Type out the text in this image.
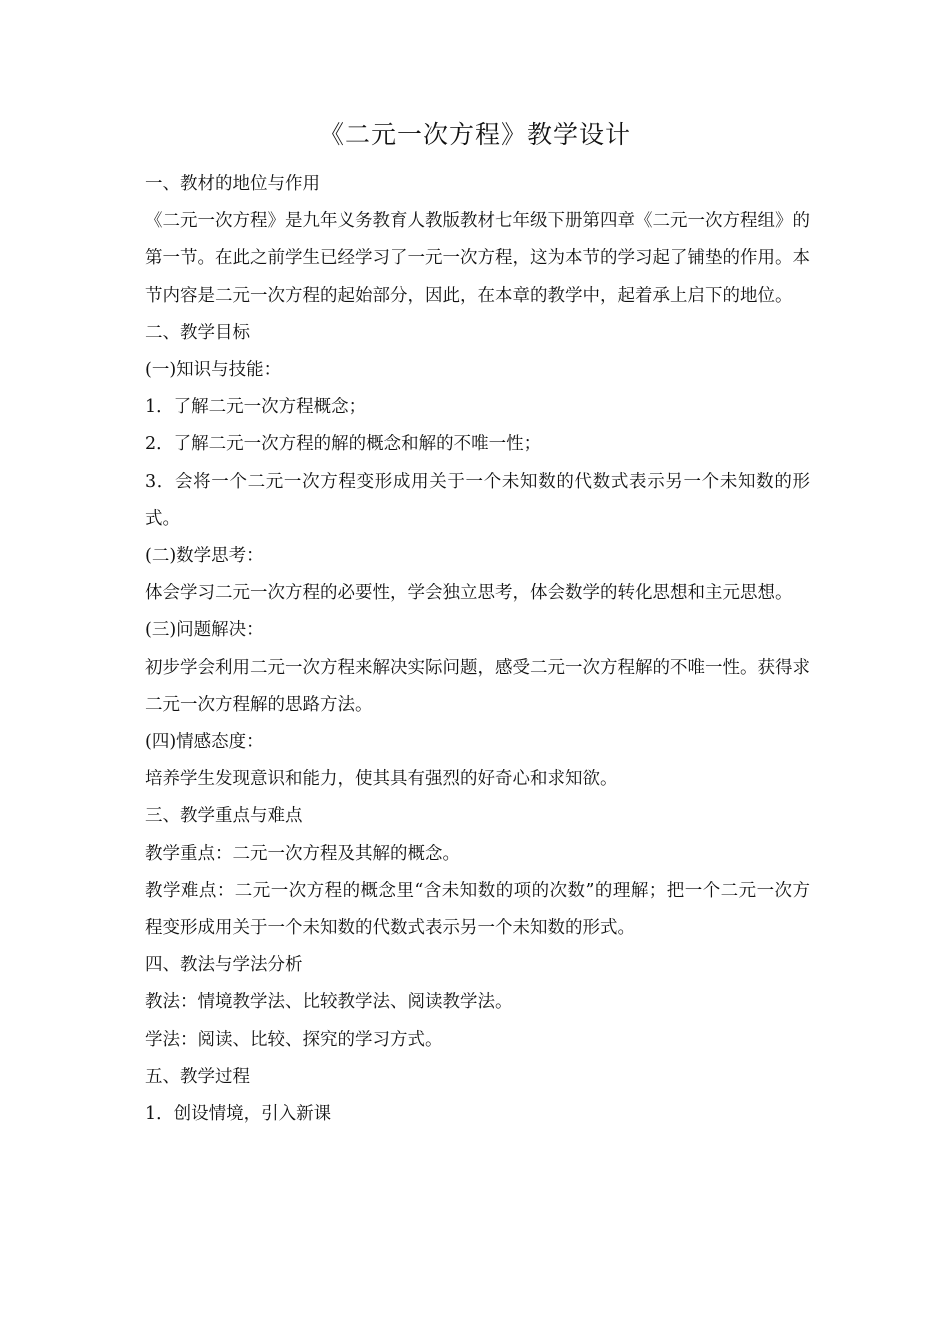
《二元一次方程》教学设计

一、教材的地位与作用

《二元一次方程》是九年义务教育人教版教材七年级下册第四章《二元一次方程组》的第一节。在此之前学生已经学习了一元一次方程，这为本节的学习起了铺垫的作用。本节内容是二元一次方程的起始部分，因此，在本章的教学中，起着承上启下的地位。

二、教学目标

(一)知识与技能：

1．了解二元一次方程概念；

2．了解二元一次方程的解的概念和解的不唯一性；

3．会将一个二元一次方程变形成用关于一个未知数的代数式表示另一个未知数的形式。

(二)数学思考：

体会学习二元一次方程的必要性，学会独立思考，体会数学的转化思想和主元思想。

(三)问题解决：

初步学会利用二元一次方程来解决实际问题，感受二元一次方程解的不唯一性。获得求二元一次方程解的思路方法。

(四)情感态度：

培养学生发现意识和能力，使其具有强烈的好奇心和求知欲。

三、教学重点与难点

教学重点：二元一次方程及其解的概念。

教学难点：二元一次方程的概念里“含未知数的项的次数”的理解；把一个二元一次方程变形成用关于一个未知数的代数式表示另一个未知数的形式。

四、教法与学法分析

教法：情境教学法、比较教学法、阅读教学法。

学法：阅读、比较、探究的学习方式。

五、教学过程

1．创设情境，引入新课
